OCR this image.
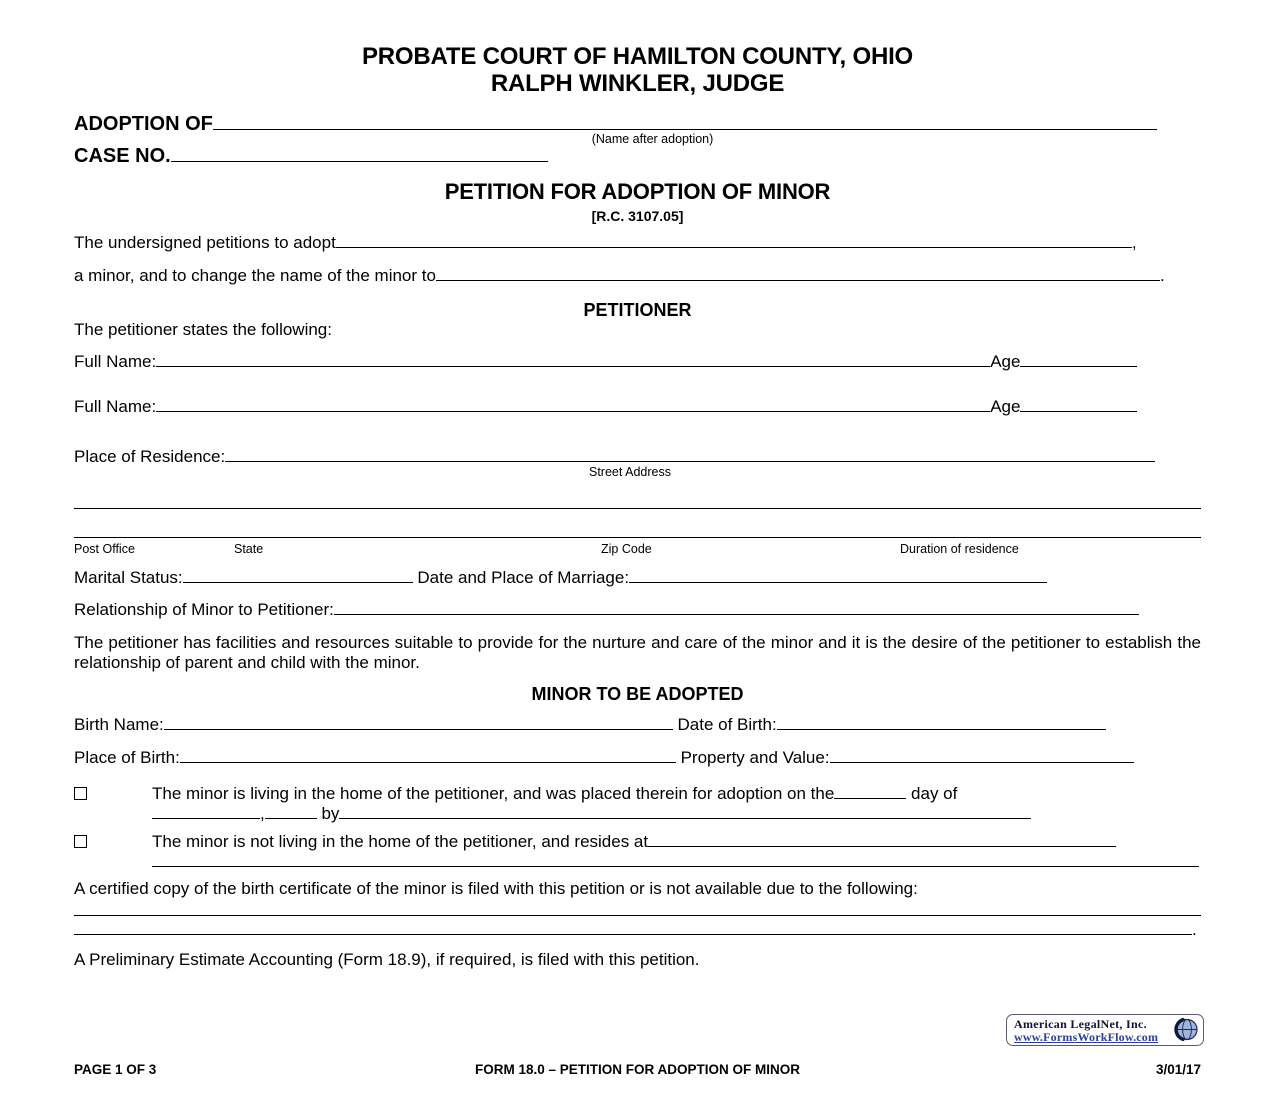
PROBATE COURT OF HAMILTON COUNTY, OHIO
RALPH WINKLER, JUDGE
ADOPTION OF
(Name after adoption)
CASE NO.
PETITION FOR ADOPTION OF MINOR
[R.C. 3107.05]
The undersigned petitions to adopt	,
a minor, and to change the name of the minor to	.
PETITIONER
The petitioner states the following:
Full Name:	Age
Full Name:	Age
Place of Residence:
Street Address
Post Office	State	Zip Code	Duration of residence
Marital Status:	Date and Place of Marriage:
Relationship of Minor to Petitioner:

The petitioner has facilities and resources suitable to provide for the nurture and care of the minor and it is the desire of the petitioner to establish the relationship of parent and child with the minor.

MINOR TO BE ADOPTED
Birth Name:	Date of Birth:
Place of Birth:	Property and Value:
The minor is living in the home of the petitioner, and was placed therein for adoption on the	day of
,	by
The minor is not living in the home of the petitioner, and resides at

A certified copy of the birth certificate of the minor is filed with this petition or is not available due to the following:
.
A Preliminary Estimate Accounting (Form 18.9), if required, is filed with this petition.
PAGE 1 OF 3	FORM 18.0 – PETITION FOR ADOPTION OF MINOR	3/01/17
American LegalNet, Inc.
www.FormsWorkFlow.com
